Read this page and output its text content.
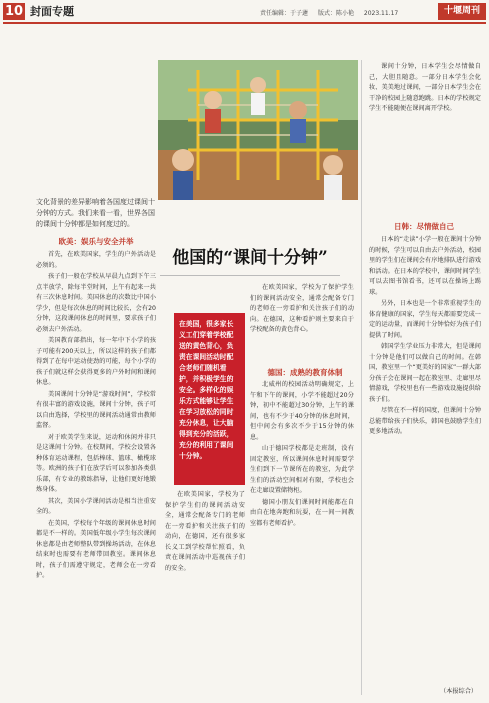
10 封面专题	责任编辑：于子蘧 版式：陈小艳 2023.11.17	十堰周刊
文化背景的差异影响着各国度过课间十分钟的方式。我们来看一看，世界各国的课间十分钟都是如何度过的。
他国的“课间十分钟”
欧美：娱乐与安全并举

首先，在欧美国家，学生的户外活动是必须的。

孩子们一般在学校从早晨九点到下午三点半放学，除每半堂时间，上午有起来一共有三次休息时间。美国休息的次数比中国小学少，但是每次休息的时间比较长，会有20分钟，这段课间休息的时间里，要求孩子们必须去户外活动。

美国教育部指出，每一年中下小学的孩子可能有200天以上，所以这样的孩子们都得到了在每中运动使劲的可能，每个小学的孩子们就这样会获得更多的户外时间和课间休息。

美国课间十分钟是“游戏时间”，学校常有很丰富的游戏设施，课间十分钟，孩子可以自由选择，学校里的课间活动通常由教师监督。

对于欧美学生来说，运动和休闲并非只是这课间十分钟。在校期间，学校会设置各种体育运动课程，包括棒球、篮球、橄榄球等。欧洲的孩子们在放学后可以参加各类俱乐部，有专业的教练指导，让他们更好地锻炼身体。

其次，美国小学课间活动是相当注重安全的。

在美国，学校每个年级的课间休息时间都是不一样的。美国低年级小学生每次课间休息都是由老师整队带到操场活动，在休息结束时也需要有老师带回教室。课间休息时，孩子们需遵守规定，老师会在一旁看护。

在美国，很多家长义工们穿着学校配送的黄色背心，负责在课间活动时配合老师们随机看护，并积极学生的安全。多样化的娱乐方式能够让学生在学习放松的同时充分休息，让大脑得到充分的活跃，充分的利用了课间十分钟。

在欧美国家，学校为了保护学生们的课间活动安全，通常会配备专门的老师在一旁看护和关注孩子们的动向。在德国，这种看护则主要来自于学校配备的黄色背心。

德国：成熟的教育体制

北威州的校园活动明确规定，上午和下午的课间，小学不能超过20分钟，初中不能超过30分钟，上午的课间，也有不少于40分钟的休息时间，但中间会有多次不少于15分钟的休息。

山于德国学校都是走班制，没有固定教室，所以课间休息时间需要学生们到下一节课所在的教室，为此学生们的活动空间相对有限，学校也会在走廊设置储物柜。

德国小朋友们课间时间能都在自由自在地奔跑和玩耍，在一间一间教室都有老师看护。

在欧美国家，学校为了保护学生们的课间活动安全，通常会配备专门的老师在一旁看护和关注孩子们的动向，在德国，还有很多家长义工到学校帮忙照看，负责在课间活动中巡视孩子们的安全。

课间十分钟，日本学生会尽情做自己，大胆且随意。一部分日本学生会化妆、美美地过课间，一部分日本学生会在干净的校园上随意跑跳。日本的学校规定学生不能随便在课间离开学校。

日韩：尽情做自己

日本的“走读”小学一般在课间十分钟的时候，学生可以自由去户外活动，校园里的学生们在课间会有序地排队进行游戏和活动。在日本的学校中，课间时间学生可以去图书馆看书，还可以在操场上踢球。

另外，日本也是一个非常重视学生的体育健康的国家，学生每天都需要完成一定的运动量，而课间十分钟恰好为孩子们提供了时间。

韩国学生学业压力非常大，但是课间十分钟是他们可以做自己的时间。在韩国，教室里一个“更美好的国家”一群大部分孩子会在课间一起在教室里、走廊里尽情游戏，学校里也有一些游戏设施提供给孩子们。

尽管在不一样的国度，但课间十分钟总能带给孩子们快乐，韩国也鼓励学生们更多地活动。

（本报综合）
